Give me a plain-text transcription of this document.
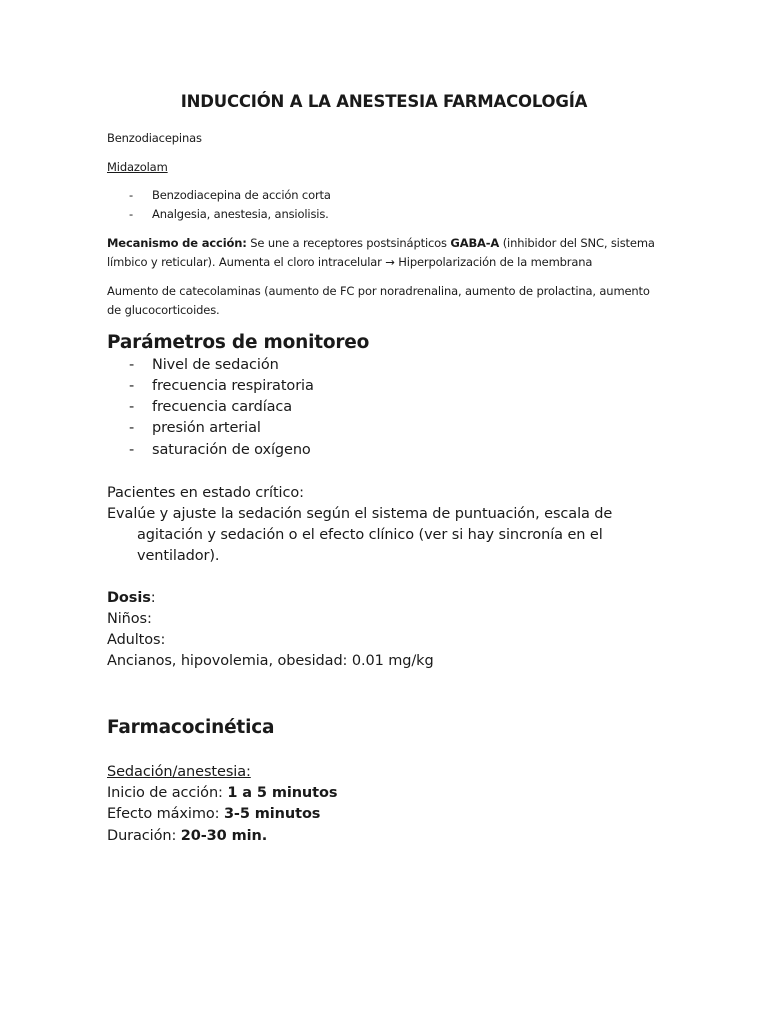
INDUCCIÓN A LA ANESTESIA FARMACOLOGÍA
Benzodiacepinas
Midazolam
- Benzodiacepina de acción corta
- Analgesia, anestesia, ansiolisis.
Mecanismo de acción: Se une a receptores postsinápticos GABA-A (inhibidor del SNC, sistema
límbico y reticular). Aumenta el cloro intracelular → Hiperpolarización de la membrana
Aumento de catecolaminas (aumento de FC por noradrenalina, aumento de prolactina, aumento
de glucocorticoides.
Parámetros de monitoreo
- Nivel de sedación
- frecuencia respiratoria
- frecuencia cardíaca
- presión arterial
- saturación de oxígeno
Pacientes en estado crítico:
Evalúe y ajuste la sedación según el sistema de puntuación, escala de
agitación y sedación o el efecto clínico (ver si hay sincronía en el
ventilador).
Dosis:
Niños:
Adultos:
Ancianos, hipovolemia, obesidad: 0.01 mg/kg
Farmacocinética
Sedación/anestesia:
Inicio de acción: 1 a 5 minutos
Efecto máximo: 3-5 minutos
Duración: 20-30 min.
